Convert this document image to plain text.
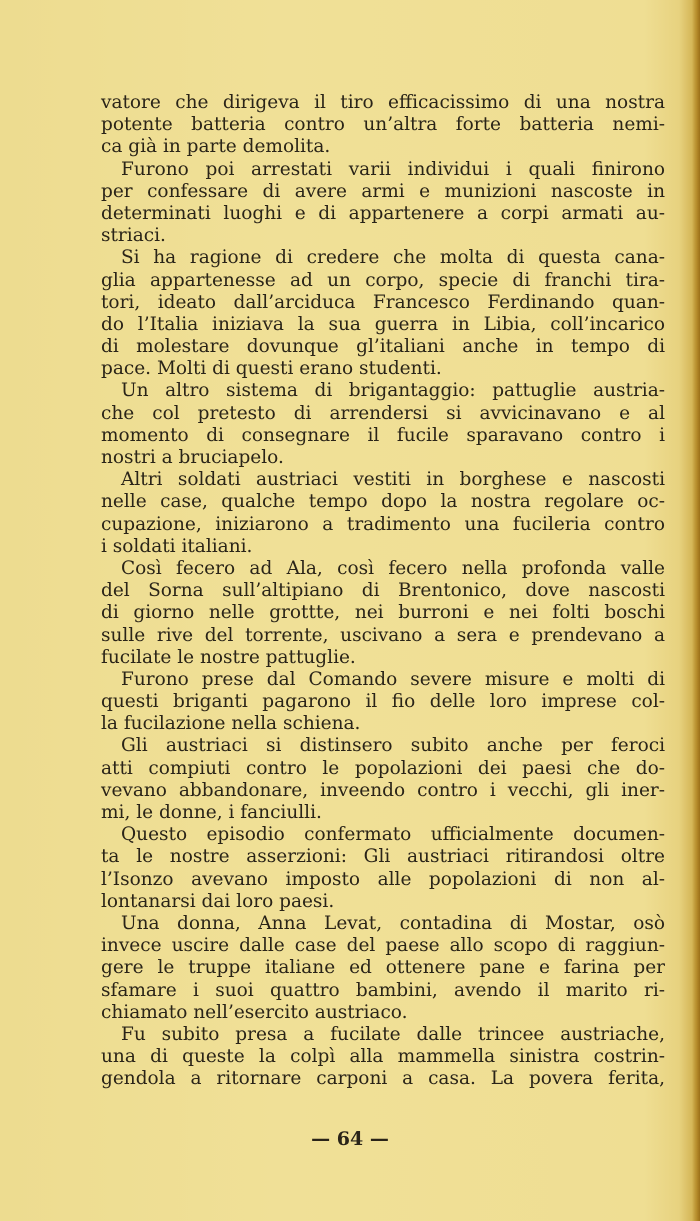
vatore che dirigeva il tiro efficacissimo di una nostra
potente batteria contro un’altra forte batteria nemi-
ca già in parte demolita.
Furono poi arrestati varii individui i quali finirono
per confessare di avere armi e munizioni nascoste in
determinati luoghi e di appartenere a corpi armati au-
striaci.
Si ha ragione di credere che molta di questa cana-
glia appartenesse ad un corpo, specie di franchi tira-
tori, ideato dall’arciduca Francesco Ferdinando quan-
do l’Italia iniziava la sua guerra in Libia, coll’incarico
di molestare dovunque gl’italiani anche in tempo di
pace. Molti di questi erano studenti.
Un altro sistema di brigantaggio: pattuglie austria-
che col pretesto di arrendersi si avvicinavano e al
momento di consegnare il fucile sparavano contro i
nostri a bruciapelo.
Altri soldati austriaci vestiti in borghese e nascosti
nelle case, qualche tempo dopo la nostra regolare oc-
cupazione, iniziarono a tradimento una fucileria contro
i soldati italiani.
Così fecero ad Ala, così fecero nella profonda valle
del Sorna sull’altipiano di Brentonico, dove nascosti
di giorno nelle grottte, nei burroni e nei folti boschi
sulle rive del torrente, uscivano a sera e prendevano a
fucilate le nostre pattuglie.
Furono prese dal Comando severe misure e molti di
questi briganti pagarono il fio delle loro imprese col-
la fucilazione nella schiena.
Gli austriaci si distinsero subito anche per feroci
atti compiuti contro le popolazioni dei paesi che do-
vevano abbandonare, inveendo contro i vecchi, gli iner-
mi, le donne, i fanciulli.
Questo episodio confermato ufficialmente documen-
ta le nostre asserzioni: Gli austriaci ritirandosi oltre
l’Isonzo avevano imposto alle popolazioni di non al-
lontanarsi dai loro paesi.
Una donna, Anna Levat, contadina di Mostar, osò
invece uscire dalle case del paese allo scopo di raggiun-
gere le truppe italiane ed ottenere pane e farina per
sfamare i suoi quattro bambini, avendo il marito ri-
chiamato nell’esercito austriaco.
Fu subito presa a fucilate dalle trincee austriache,
una di queste la colpì alla mammella sinistra costrin-
gendola a ritornare carponi a casa. La povera ferita,
— 64 —
